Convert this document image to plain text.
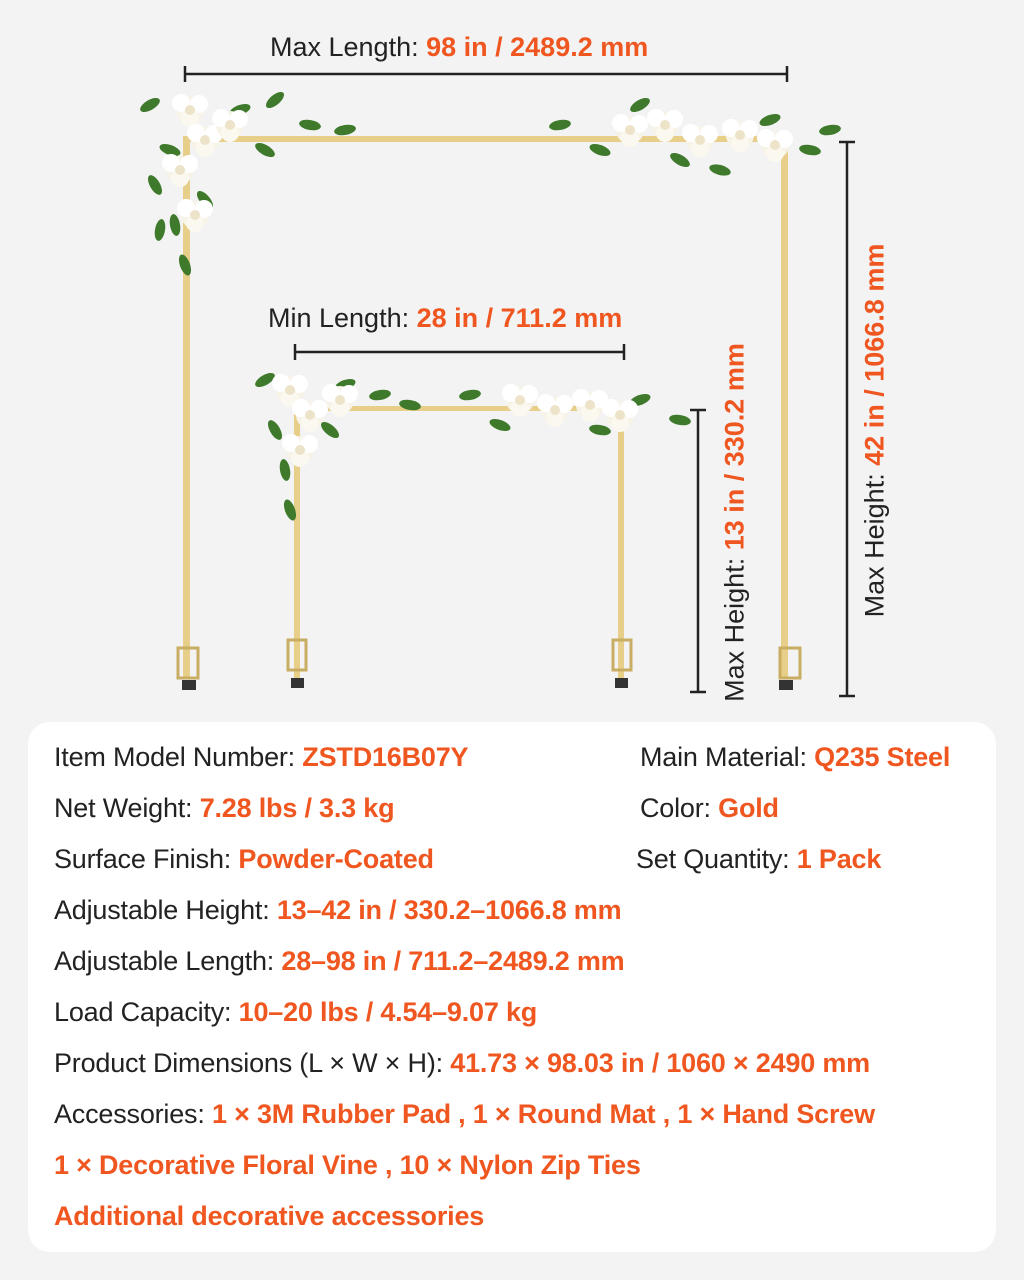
Max Length: 98 in / 2489.2 mm
Min Length: 28 in / 711.2 mm
Max Height: 13 in / 330.2 mm	Max Height: 42 in / 1066.8 mm
Item Model Number: ZSTD16B07Y	Main Material: Q235 Steel
Net Weight: 7.28 lbs / 3.3 kg	Color: Gold
Surface Finish: Powder-Coated	Set Quantity: 1 Pack
Adjustable Height: 13–42 in / 330.2–1066.8 mm
Adjustable Length: 28–98 in / 711.2–2489.2 mm
Load Capacity: 10–20 lbs / 4.54–9.07 kg
Product Dimensions (L × W × H): 41.73 × 98.03 in / 1060 × 2490 mm
Accessories: 1 × 3M Rubber Pad , 1 × Round Mat , 1 × Hand Screw
1 × Decorative Floral Vine , 10 × Nylon Zip Ties
Additional decorative accessories
